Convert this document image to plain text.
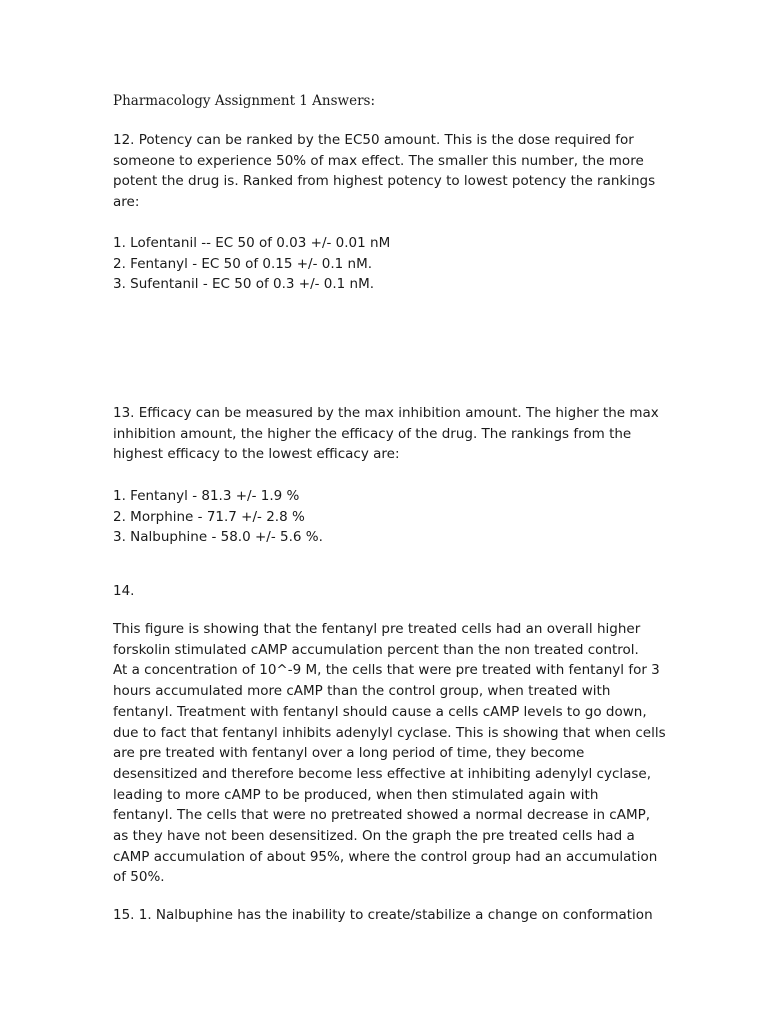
Pharmacology Assignment 1 Answers:
12. Potency can be ranked by the EC50 amount. This is the dose required for
someone to experience 50% of max effect. The smaller this number, the more
potent the drug is. Ranked from highest potency to lowest potency the rankings
are:
1. Lofentanil -- EC 50 of 0.03 +/- 0.01 nM
2. Fentanyl - EC 50 of 0.15 +/- 0.1 nM.
3. Sufentanil - EC 50 of 0.3 +/- 0.1 nM.
13. Efficacy can be measured by the max inhibition amount. The higher the max
inhibition amount, the higher the efficacy of the drug. The rankings from the
highest efficacy to the lowest efficacy are:
1. Fentanyl - 81.3 +/- 1.9 %
2. Morphine - 71.7 +/- 2.8 %
3. Nalbuphine - 58.0 +/- 5.6 %.
14.
This figure is showing that the fentanyl pre treated cells had an overall higher
forskolin stimulated cAMP accumulation percent than the non treated control.
At a concentration of 10^-9 M, the cells that were pre treated with fentanyl for 3
hours accumulated more cAMP than the control group, when treated with
fentanyl. Treatment with fentanyl should cause a cells cAMP levels to go down,
due to fact that fentanyl inhibits adenylyl cyclase. This is showing that when cells
are pre treated with fentanyl over a long period of time, they become
desensitized and therefore become less effective at inhibiting adenylyl cyclase,
leading to more cAMP to be produced, when then stimulated again with
fentanyl. The cells that were no pretreated showed a normal decrease in cAMP,
as they have not been desensitized. On the graph the pre treated cells had a
cAMP accumulation of about 95%, where the control group had an accumulation
of 50%.
15. 1. Nalbuphine has the inability to create/stabilize a change on conformation
